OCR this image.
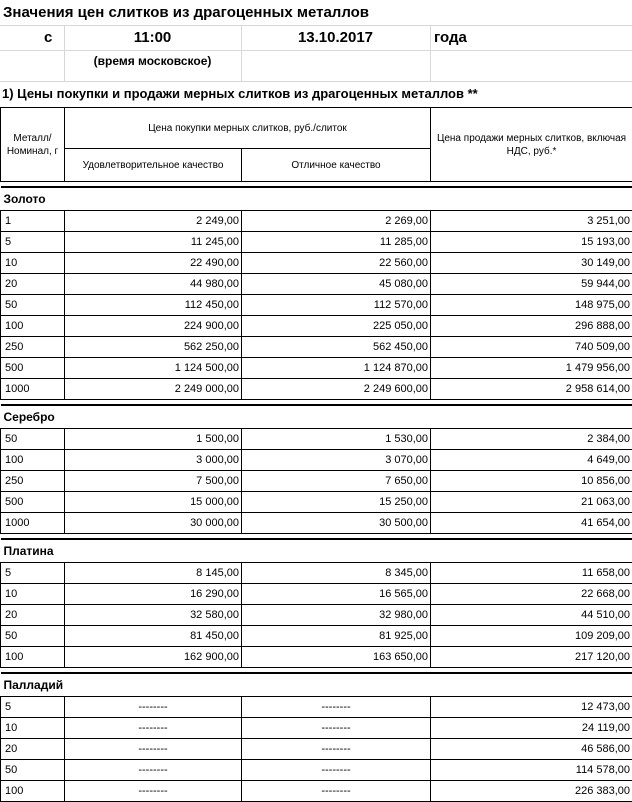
Значения цен слитков из драгоценных металлов
с	11:00	13.10.2017	года
(время московское)
1) Цены покупки и продажи мерных слитков из драгоценных металлов **
Металл/ Номинал, г	Цена покупки мерных слитков, руб./слиток		Цена продажи мерных слитков, включая НДС, руб.*
	Удовлетворительное качество	Отличное качество	

Золото			
1	2 249,00	2 269,00	3 251,00
5	11 245,00	11 285,00	15 193,00
10	22 490,00	22 560,00	30 149,00
20	44 980,00	45 080,00	59 944,00
50	112 450,00	112 570,00	148 975,00
100	224 900,00	225 050,00	296 888,00
250	562 250,00	562 450,00	740 509,00
500	1 124 500,00	1 124 870,00	1 479 956,00
1000	2 249 000,00	2 249 600,00	2 958 614,00

Серебро			
50	1 500,00	1 530,00	2 384,00
100	3 000,00	3 070,00	4 649,00
250	7 500,00	7 650,00	10 856,00
500	15 000,00	15 250,00	21 063,00
1000	30 000,00	30 500,00	41 654,00

Платина			
5	8 145,00	8 345,00	11 658,00
10	16 290,00	16 565,00	22 668,00
20	32 580,00	32 980,00	44 510,00
50	81 450,00	81 925,00	109 209,00
100	162 900,00	163 650,00	217 120,00

Палладий			
5	--------	--------	12 473,00
10	--------	--------	24 119,00
20	--------	--------	46 586,00
50	--------	--------	114 578,00
100	--------	--------	226 383,00
